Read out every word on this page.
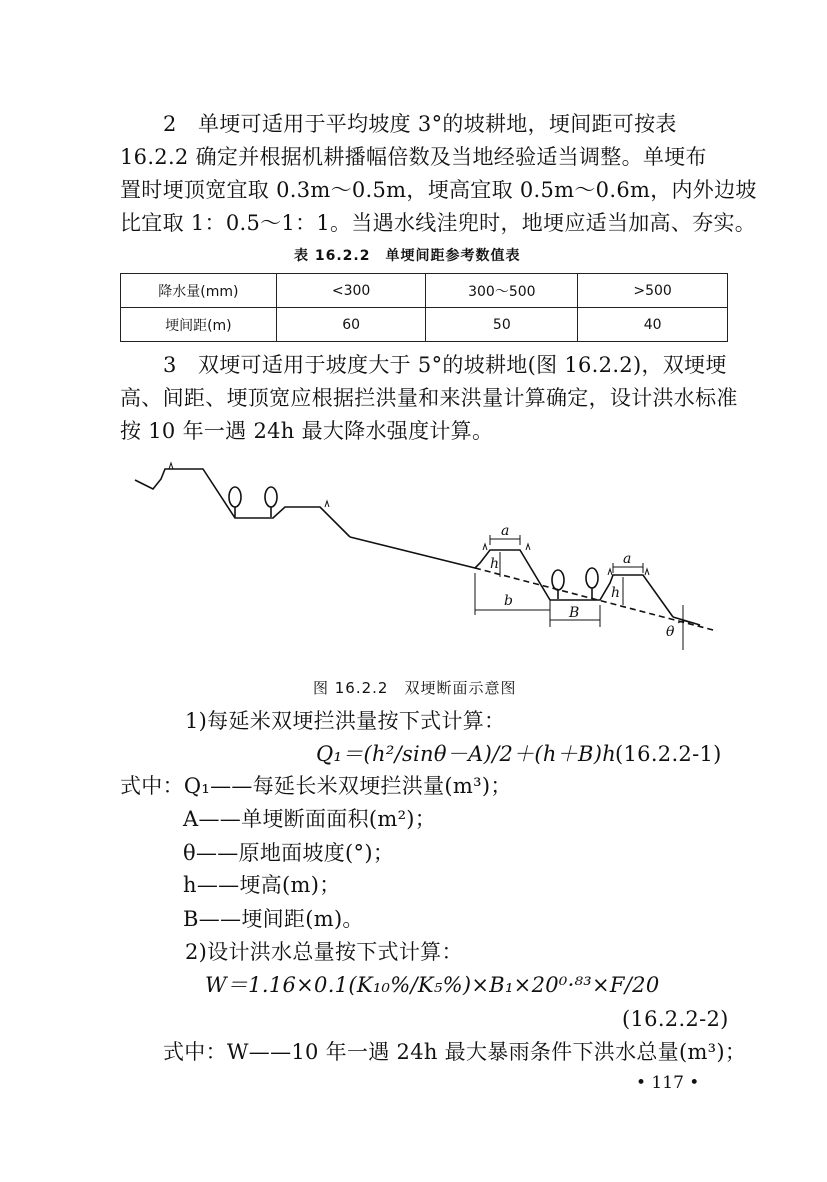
2　单埂可适用于平均坡度 3°的坡耕地，埂间距可按表
16.2.2 确定并根据机耕播幅倍数及当地经验适当调整。单埂布
置时埂顶宽宜取 0.3m～0.5m，埂高宜取 0.5m～0.6m，内外边坡
比宜取 1：0.5～1：1。当遇水线洼兜时，地埂应适当加高、夯实。
表 16.2.2　单埂间距参考数值表
降水量(mm)	<300	300～500	>500
埂间距(m)	60	50	40
3　双埂可适用于坡度大于 5°的坡耕地(图 16.2.2)，双埂埂
高、间距、埂顶宽应根据拦洪量和来洪量计算确定，设计洪水标准
按 10 年一遇 24h 最大降水强度计算。
a
h
b
B
a
h
θ
图 16.2.2　双埂断面示意图
1)每延米双埂拦洪量按下式计算：
Q₁＝(h²/sinθ－A)/2＋(h＋B)h
(16.2.2-1)
式中：Q₁——每延长米双埂拦洪量(m³)；
A——单埂断面面积(m²)；
θ——原地面坡度(°)；
h——埂高(m)；
B——埂间距(m)。
2)设计洪水总量按下式计算：
W＝1.16×0.1(K₁₀%/K₅%)×B₁×20⁰·⁸³×F/20
(16.2.2-2)
式中：W——10 年一遇 24h 最大暴雨条件下洪水总量(m³)；
• 117 •
